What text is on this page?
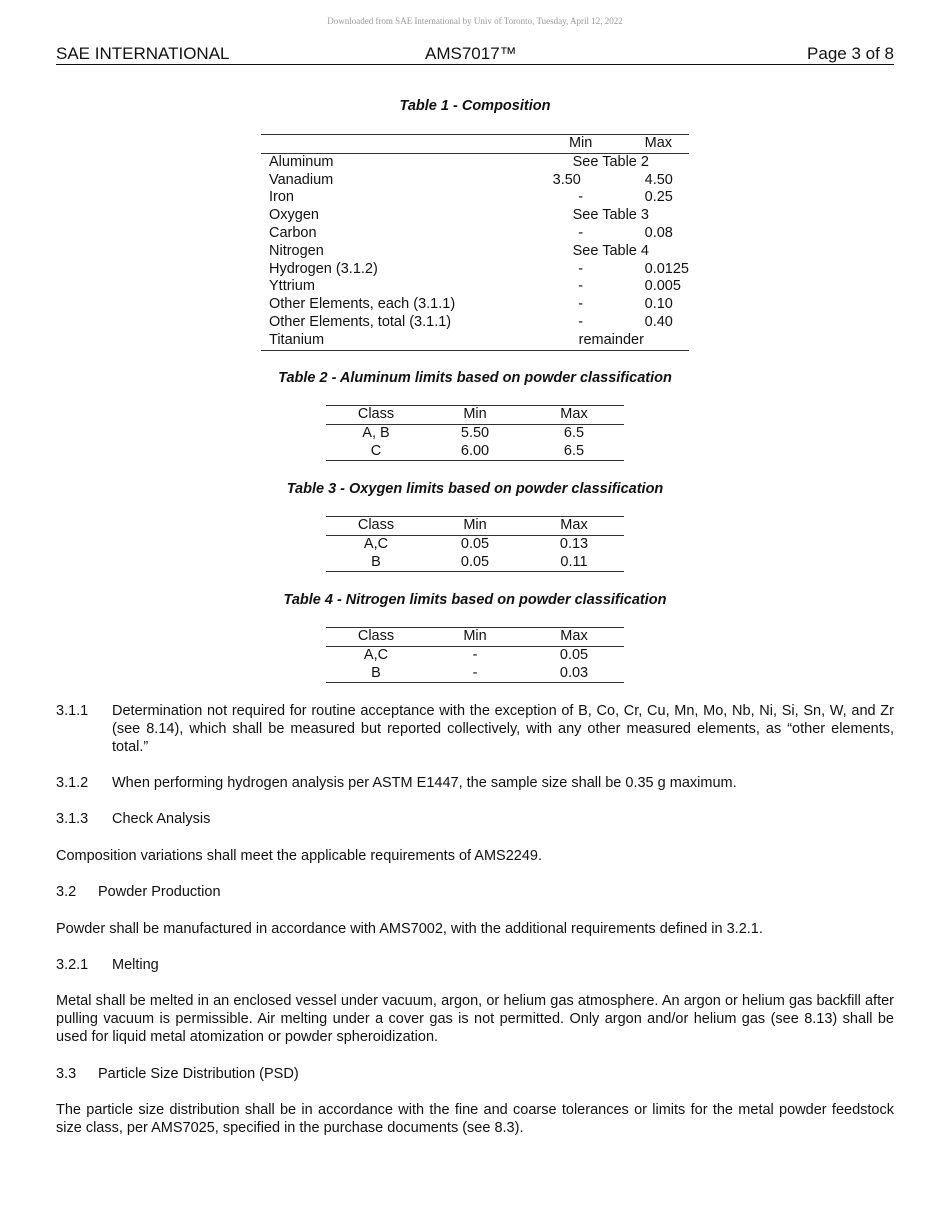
Downloaded from SAE International by Univ of Toronto, Tuesday, April 12, 2022
SAE INTERNATIONAL	AMS7017™	Page 3 of 8
Table 1 - Composition
	Min	Max
Aluminum	See Table 2	
Vanadium	3.50	4.50
Iron	-	0.25
Oxygen	See Table 3	
Carbon	-	0.08
Nitrogen	See Table 4	
Hydrogen (3.1.2)	-	0.0125
Yttrium	-	0.005
Other Elements, each (3.1.1)	-	0.10
Other Elements, total (3.1.1)	-	0.40
Titanium	remainder	
Table 2 - Aluminum limits based on powder classification
Class	Min	Max
A, B	5.50	6.5
C	6.00	6.5
Table 3 - Oxygen limits based on powder classification
Class	Min	Max
A,C	0.05	0.13
B	0.05	0.11
Table 4 - Nitrogen limits based on powder classification
Class	Min	Max
A,C	-	0.05
B	-	0.03
3.1.1	Determination not required for routine acceptance with the exception of B, Co, Cr, Cu, Mn, Mo, Nb, Ni, Si, Sn, W, and Zr (see 8.14), which shall be measured but reported collectively, with any other measured elements, as “other elements, total.”
3.1.2	When performing hydrogen analysis per ASTM E1447, the sample size shall be 0.35 g maximum.
3.1.3	Check Analysis
Composition variations shall meet the applicable requirements of AMS2249.
3.2	Powder Production
Powder shall be manufactured in accordance with AMS7002, with the additional requirements defined in 3.2.1.
3.2.1	Melting
Metal shall be melted in an enclosed vessel under vacuum, argon, or helium gas atmosphere. An argon or helium gas backfill after pulling vacuum is permissible. Air melting under a cover gas is not permitted. Only argon and/or helium gas (see 8.13) shall be used for liquid metal atomization or powder spheroidization.
3.3	Particle Size Distribution (PSD)
The particle size distribution shall be in accordance with the fine and coarse tolerances or limits for the metal powder feedstock size class, per AMS7025, specified in the purchase documents (see 8.3).
